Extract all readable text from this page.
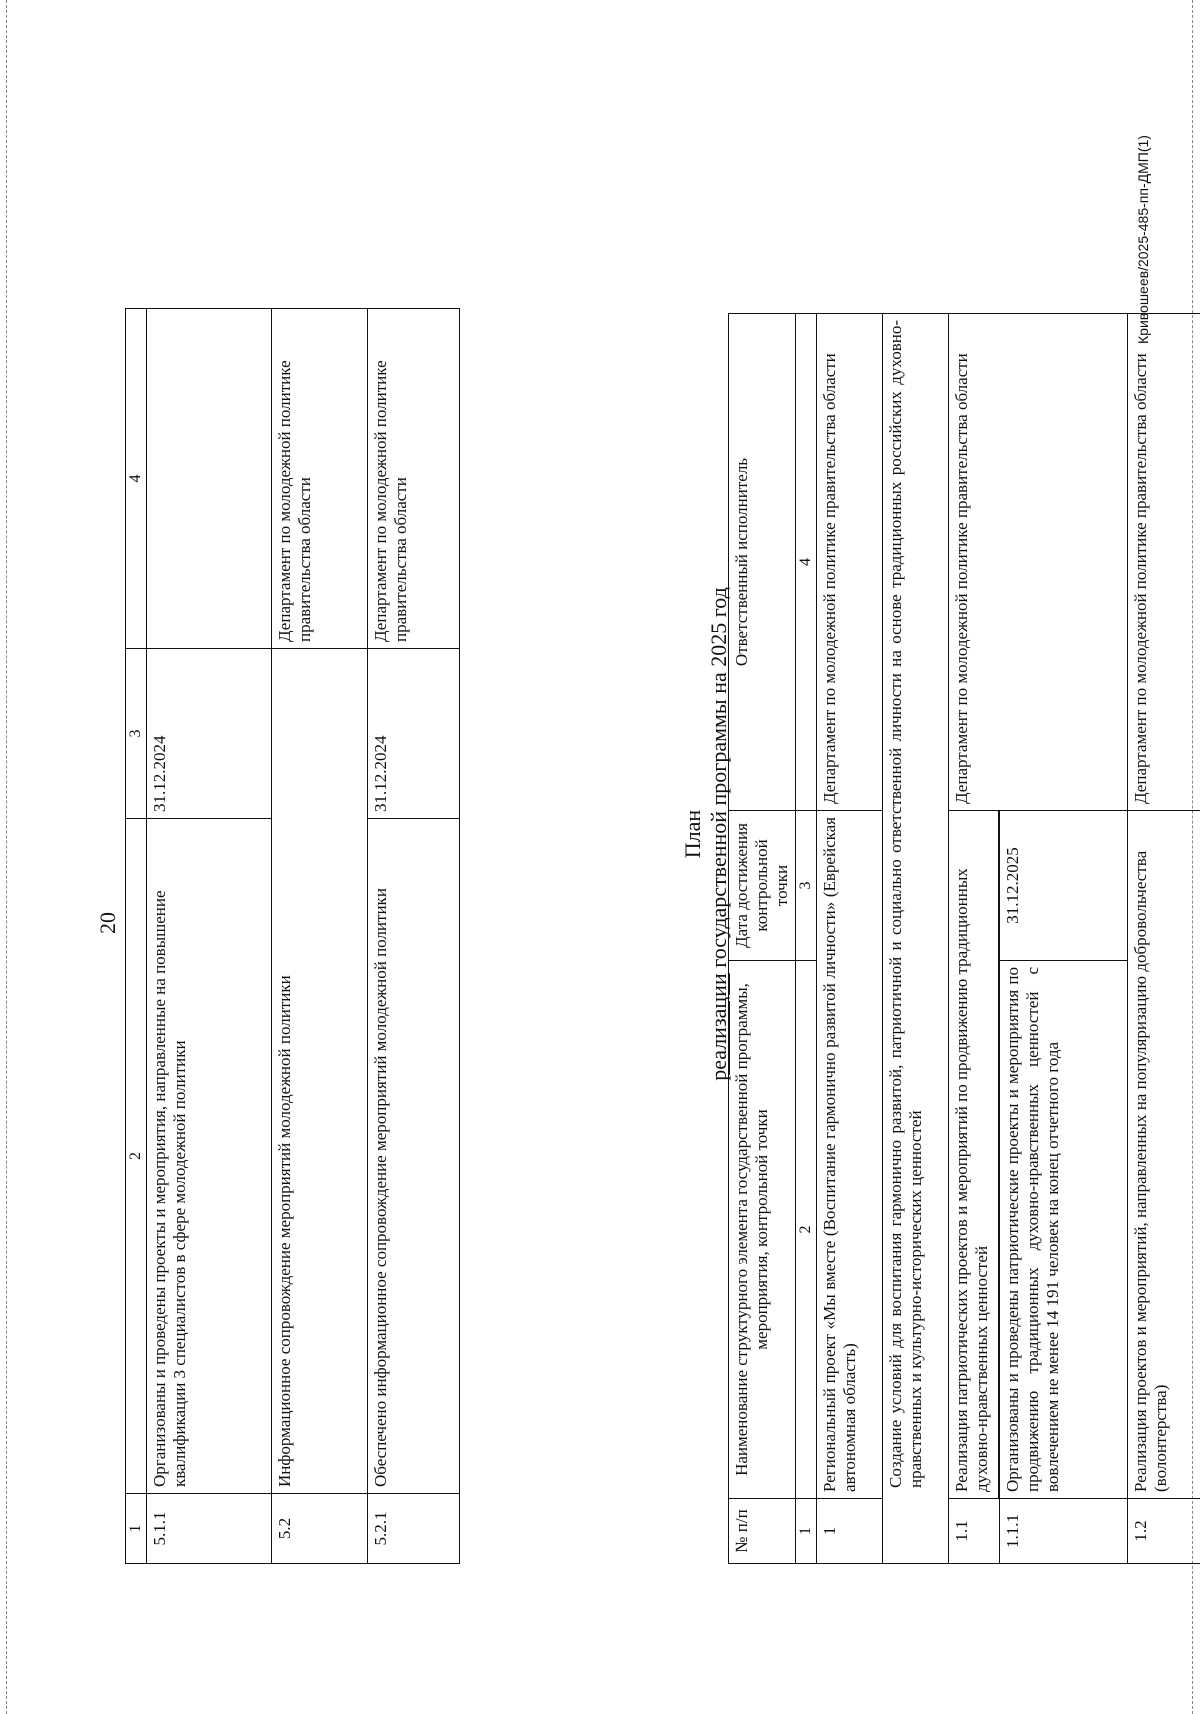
20
1	2	3	4
5.1.1	Организованы и проведены проекты и мероприятия, направленные на повышение квалификации 3 специалистов в сфере молодежной политики	31.12.2024	
5.2	Информационное сопровождение мероприятий молодежной политики		Департамент по молодежной политике правительства области
5.2.1	Обеспечено информационное сопровождение мероприятий молодежной политики	31.12.2024	Департамент по молодежной политике правительства области
План
реализации государственной программы на 2025 год
№ п/п	Наименование структурного элемента государственной программы, мероприятия, контрольной точки	Дата достижения контрольной точки	Ответственный исполнитель
1	2	3	4
1	Региональный проект «Мы вместе (Воспитание гармонично развитой личности» (Еврейская автономная область)		Департамент по молодежной политике правительства области
Создание условий для воспитания гармонично развитой, патриотичной и социально ответственной личности на основе традиционных российских духовно-нравственных и культурно-исторических ценностей			
1.1	Реализация патриотических проектов и мероприятий по продвижению традиционных духовно-нравственных ценностей		Департамент по молодежной политике правительства области

1.1.1	Организованы и проведены патриотические проекты и мероприятия по продвижению традиционных духовно-нравственных ценностей с вовлечением не менее 14 191 человек на конец отчетного года	31.12.2025	
1.2	Реализация проектов и мероприятий, направленных на популяризацию добровольчества (волонтерства)		Департамент по молодежной политике правительства области
Кривошеев/2025-485-пп-ДМП(1)
